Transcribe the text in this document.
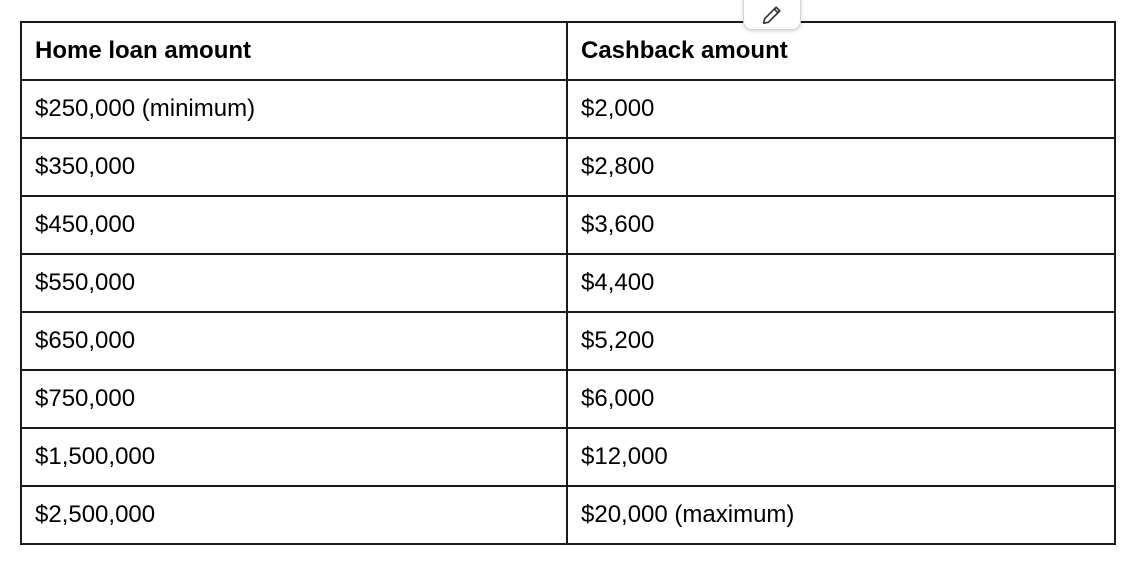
Home loan amount	Cashback amount
$250,000 (minimum)	$2,000
$350,000	$2,800
$450,000	$3,600
$550,000	$4,400
$650,000	$5,200
$750,000	$6,000
$1,500,000	$12,000
$2,500,000	$20,000 (maximum)
